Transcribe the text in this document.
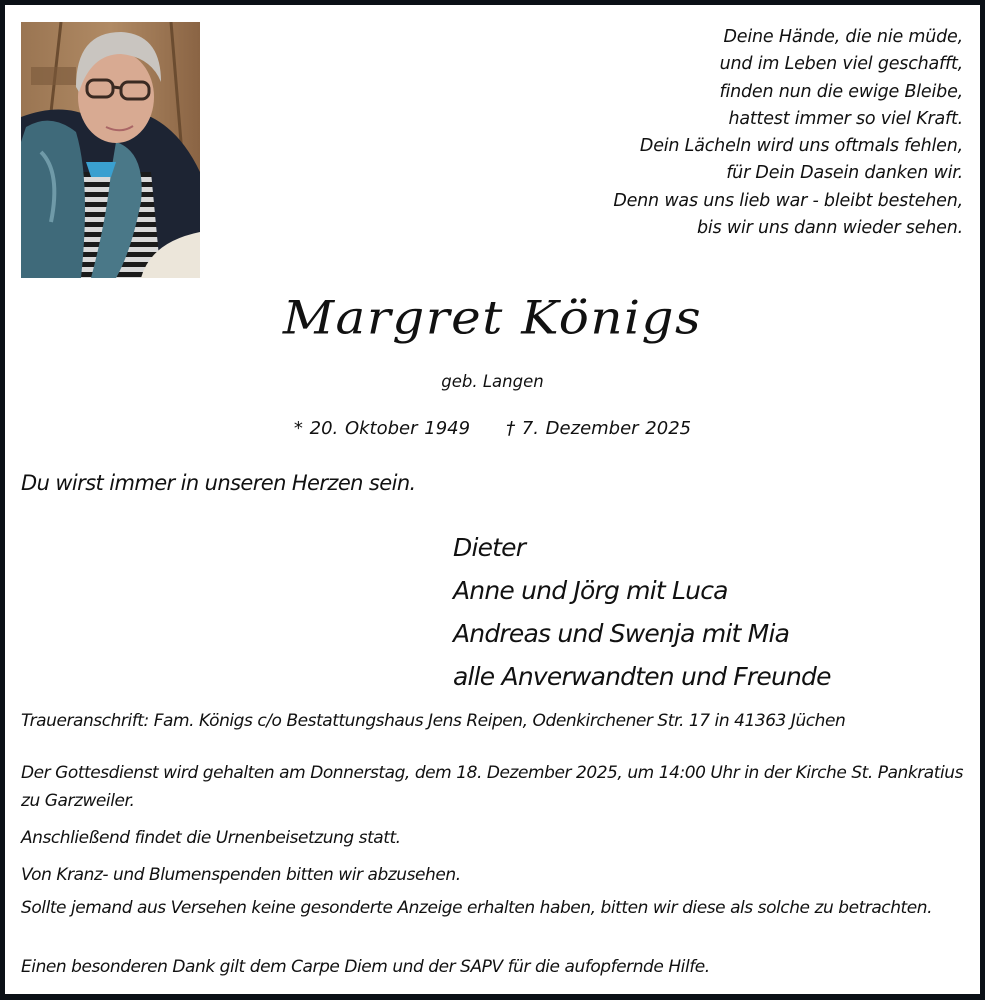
Deine Hände, die nie müde,
und im Leben viel geschafft,
finden nun die ewige Bleibe,
hattest immer so viel Kraft.
Dein Lächeln wird uns oftmals fehlen,
für Dein Dasein danken wir.
Denn was uns lieb war - bleibt bestehen,
bis wir uns dann wieder sehen.
Margret Königs
geb. Langen
* 20. Oktober 1949 † 7. Dezember 2025
Du wirst immer in unseren Herzen sein.
Dieter
Anne und Jörg mit Luca
Andreas und Swenja mit Mia
alle Anverwandten und Freunde
Traueranschrift: Fam. Königs c/o Bestattungshaus Jens Reipen, Odenkirchener Str. 17 in 41363 Jüchen
Der Gottesdienst wird gehalten am Donnerstag, dem 18. Dezember 2025, um 14:00 Uhr in der Kirche St. Pankratius zu Garzweiler.
Anschließend findet die Urnenbeisetzung statt.
Von Kranz- und Blumenspenden bitten wir abzusehen.
Sollte jemand aus Versehen keine gesonderte Anzeige erhalten haben, bitten wir diese als solche zu betrachten.
Einen besonderen Dank gilt dem Carpe Diem und der SAPV für die aufopfernde Hilfe.
